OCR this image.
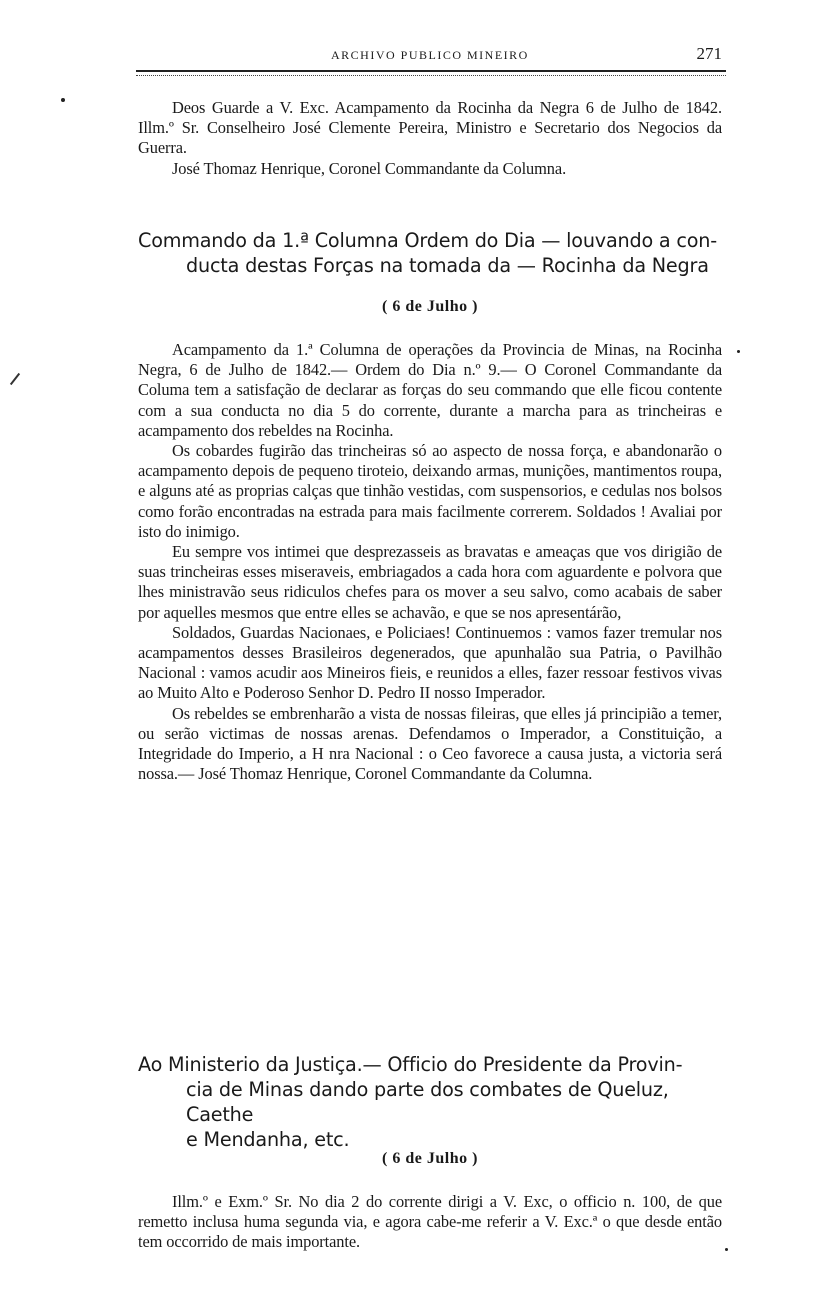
ARCHIVO PUBLICO MINEIRO	271

Deos Guarde a V. Exc. Acampamento da Rocinha da Negra 6 de Julho de 1842. Illm.º Sr. Conselheiro José Clemente Pereira, Ministro e Secretario dos Negocios da Guerra.

José Thomaz Henrique, Coronel Commandante da Columna.

Commando da 1.ª Columna Ordem do Dia — louvando a con-
ducta destas Forças na tomada da — Rocinha da Negra
( 6 de Julho )

Acampamento da 1.ª Columna de operações da Provincia de Minas, na Rocinha Negra, 6 de Julho de 1842.— Ordem do Dia n.º 9.— O Coronel Commandante da Columa tem a satisfação de declarar as forças do seu commando que elle ficou contente com a sua conducta no dia 5 do corrente, durante a marcha para as trincheiras e acampamento dos rebeldes na Rocinha.

Os cobardes fugirão das trincheiras só ao aspecto de nossa força, e abandonarão o acampamento depois de pequeno tiroteio, deixando armas, munições, mantimentos roupa, e alguns até as proprias calças que tinhão vestidas, com suspensorios, e cedulas nos bolsos como forão encontradas na estrada para mais facilmente correrem. Soldados ! Avaliai por isto do inimigo.

Eu sempre vos intimei que desprezasseis as bravatas e ameaças que vos dirigião de suas trincheiras esses miseraveis, embriagados a cada hora com aguardente e polvora que lhes ministravão seus ridiculos chefes para os mover a seu salvo, como acabais de saber por aquelles mesmos que entre elles se achavão, e que se nos apresentárão,

Soldados, Guardas Nacionaes, e Policiaes! Continuemos : vamos fazer tremular nos acampamentos desses Brasileiros degenerados, que apunhalão sua Patria, o Pavilhão Nacional : vamos acudir aos Mineiros fieis, e reunidos a elles, fazer ressoar festivos vivas ao Muito Alto e Poderoso Senhor D. Pedro II nosso Imperador.

Os rebeldes se embrenharão a vista de nossas fileiras, que elles já principião a temer, ou serão victimas de nossas arenas. Defendamos o Imperador, a Constituição, a Integridade do Imperio, a H nra Nacional : o Ceo favorece a causa justa, a victoria será nossa.— José Thomaz Henrique, Coronel Commandante da Columna.

Ao Ministerio da Justiça.— Officio do Presidente da Provin-
cia de Minas dando parte dos combates de Queluz, Caethe
e Mendanha, etc.
( 6 de Julho )

Illm.º e Exm.º Sr. No dia 2 do corrente dirigi a V. Exc, o officio n. 100, de que remetto inclusa huma segunda via, e agora cabe-me referir a V. Exc.ª o que desde então tem occorrido de mais importante.
